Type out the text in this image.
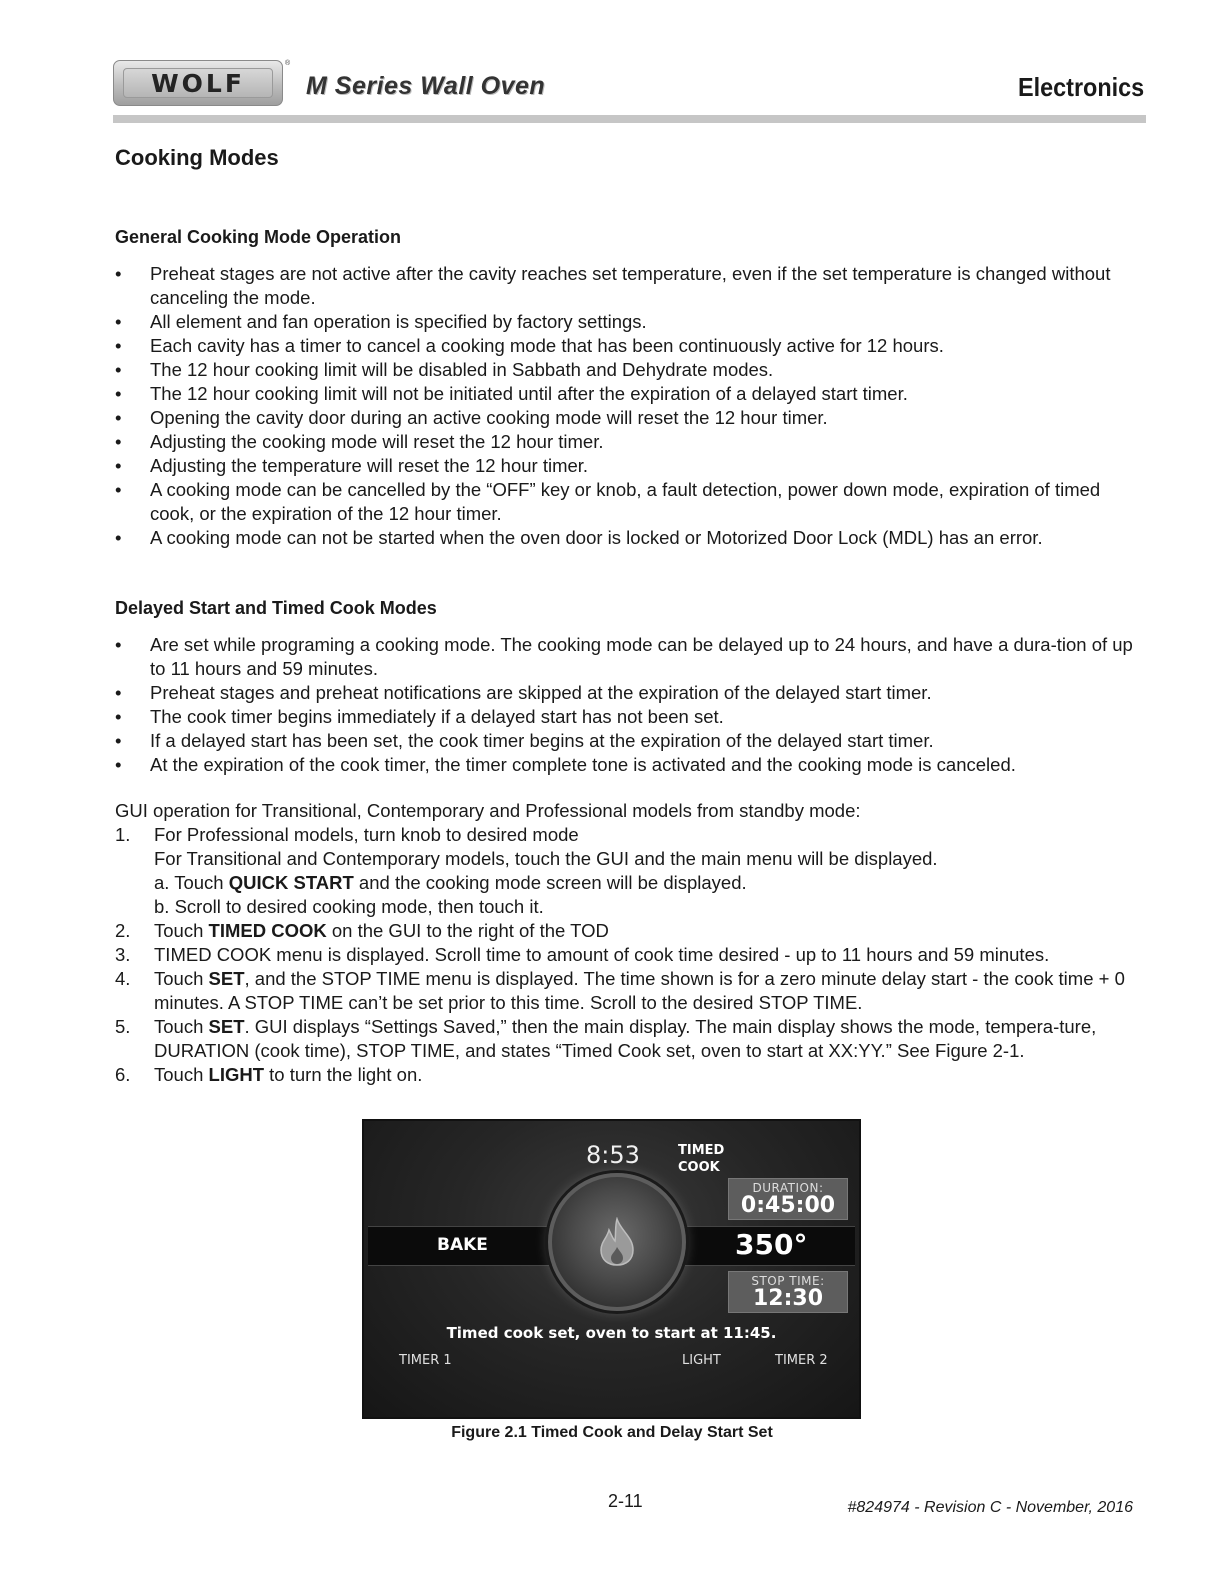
WOLF
®
M Series Wall Oven	Electronics
Cooking Modes
General Cooking Mode Operation
• Preheat stages are not active after the cavity reaches set temperature, even if the set temperature is changed without canceling the mode.
• All element and fan operation is specified by factory settings.
• Each cavity has a timer to cancel a cooking mode that has been continuously active for 12 hours.
• The 12 hour cooking limit will be disabled in Sabbath and Dehydrate modes.
• The 12 hour cooking limit will not be initiated until after the expiration of a delayed start timer.
• Opening the cavity door during an active cooking mode will reset the 12 hour timer.
• Adjusting the cooking mode will reset the 12 hour timer.
• Adjusting the temperature will reset the 12 hour timer.
• A cooking mode can be cancelled by the “OFF” key or knob, a fault detection, power down mode, expiration of timed cook, or the expiration of the 12 hour timer.
• A cooking mode can not be started when the oven door is locked or Motorized Door Lock (MDL) has an error.
Delayed Start and Timed Cook Modes
• Are set while programing a cooking mode. The cooking mode can be delayed up to 24 hours, and have a dura-tion of up to 11 hours and 59 minutes.
• Preheat stages and preheat notifications are skipped at the expiration of the delayed start timer.
• The cook timer begins immediately if a delayed start has not been set.
• If a delayed start has been set, the cook timer begins at the expiration of the delayed start timer.
• At the expiration of the cook timer, the timer complete tone is activated and the cooking mode is canceled.
GUI operation for Transitional, Contemporary and Professional models from standby mode:
1. For Professional models, turn knob to desired mode
For Transitional and Contemporary models, touch the GUI and the main menu will be displayed.
a. Touch QUICK START and the cooking mode screen will be displayed.
b. Scroll to desired cooking mode, then touch it.
2. Touch TIMED COOK on the GUI to the right of the TOD
3. TIMED COOK menu is displayed. Scroll time to amount of cook time desired - up to 11 hours and 59 minutes.
4. Touch SET, and the STOP TIME menu is displayed. The time shown is for a zero minute delay start - the cook time + 0 minutes. A STOP TIME can’t be set prior to this time. Scroll to the desired STOP TIME.
5. Touch SET. GUI displays “Settings Saved,” then the main display. The main display shows the mode, tempera-ture, DURATION (cook time), STOP TIME, and states “Timed Cook set, oven to start at XX:YY.” See Figure 2-1.
6. Touch LIGHT to turn the light on.
8:53	TIMED
COOK
DURATION:
0:45:00
BAKE	350°
STOP TIME:
12:30
Timed cook set, oven to start at 11:45.
TIMER 1	LIGHT	TIMER 2
Figure 2.1 Timed Cook and Delay Start Set
2-11	#824974 - Revision C - November, 2016
